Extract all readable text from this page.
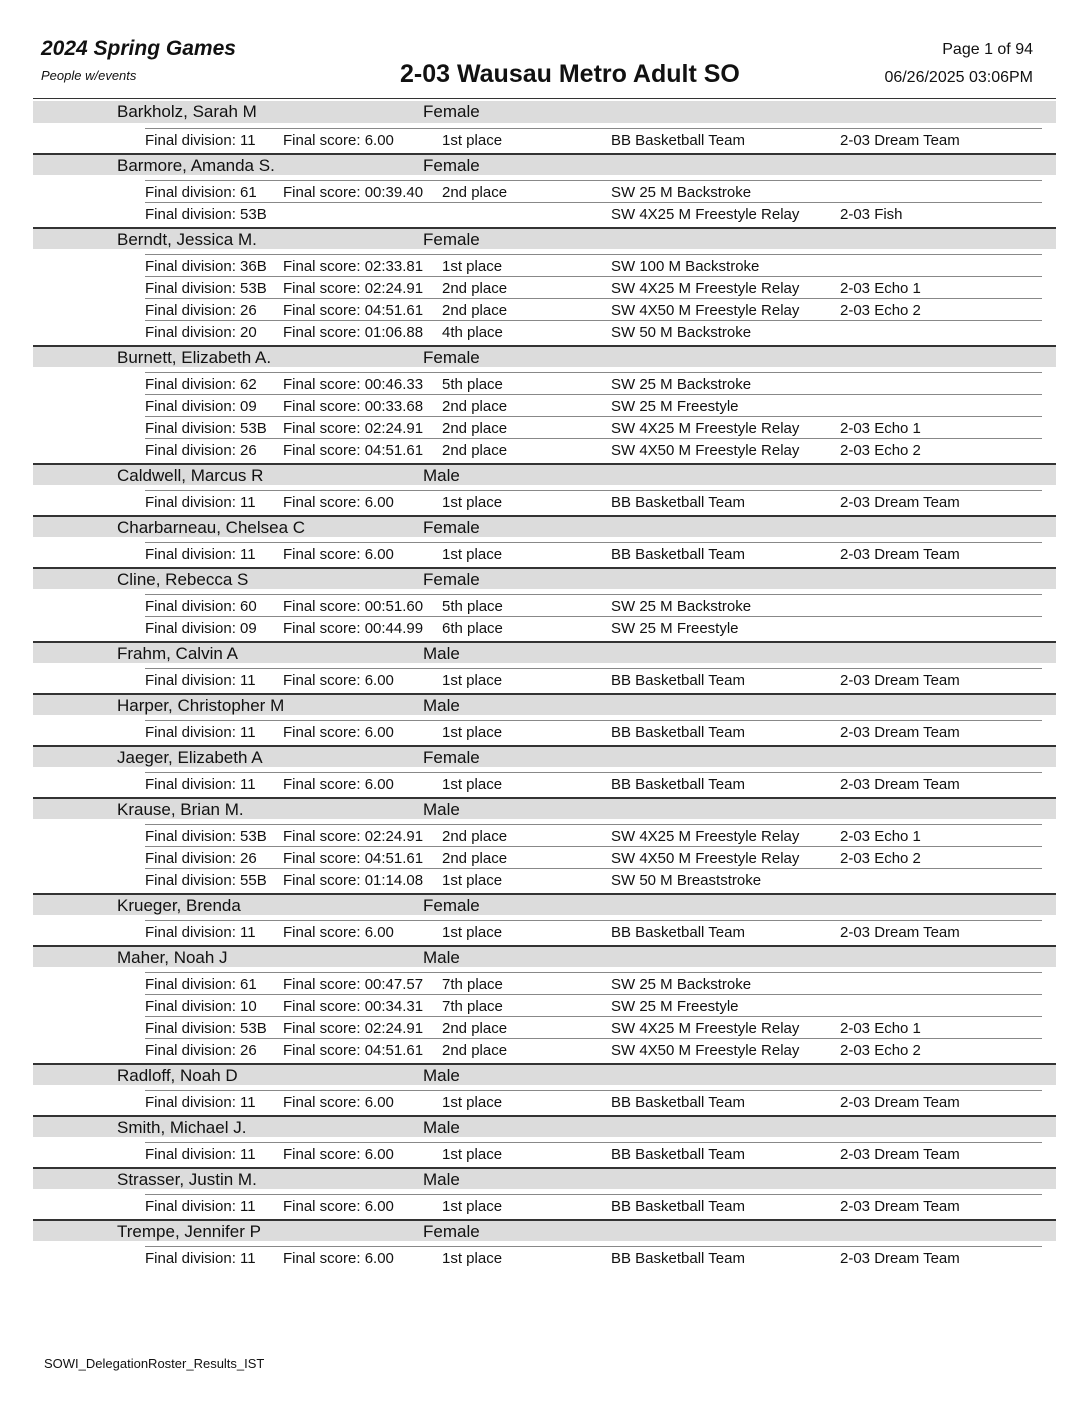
2024 Spring Games
People w/events	2-03 Wausau Metro Adult SO
Page 1 of 94
06/26/2025 03:06PM
Barkholz, Sarah M	Female
Final division: 11 Final score: 6.00	1st place	BB Basketball Team	2-03 Dream Team
Barmore, Amanda S.	Female
Final division: 61 Final score: 00:39.40 2nd place	SW 25 M Backstroke
Final division: 53B	SW 4X25 M Freestyle Relay	2-03 Fish
Berndt, Jessica M.	Female
Final division: 36B Final score: 02:33.81 1st place	SW 100 M Backstroke
Final division: 53B Final score: 02:24.91 2nd place	SW 4X25 M Freestyle Relay	2-03 Echo 1
Final division: 26 Final score: 04:51.61 2nd place	SW 4X50 M Freestyle Relay	2-03 Echo 2
Final division: 20 Final score: 01:06.88 4th place	SW 50 M Backstroke
Burnett, Elizabeth A.	Female
Final division: 62 Final score: 00:46.33 5th place	SW 25 M Backstroke
Final division: 09 Final score: 00:33.68 2nd place	SW 25 M Freestyle
Final division: 53B Final score: 02:24.91 2nd place	SW 4X25 M Freestyle Relay	2-03 Echo 1
Final division: 26 Final score: 04:51.61 2nd place	SW 4X50 M Freestyle Relay	2-03 Echo 2
Caldwell, Marcus R	Male
Final division: 11 Final score: 6.00	1st place	BB Basketball Team	2-03 Dream Team
Charbarneau, Chelsea C	Female
Final division: 11 Final score: 6.00	1st place	BB Basketball Team	2-03 Dream Team
Cline, Rebecca S	Female
Final division: 60 Final score: 00:51.60 5th place	SW 25 M Backstroke
Final division: 09 Final score: 00:44.99 6th place	SW 25 M Freestyle
Frahm, Calvin A	Male
Final division: 11 Final score: 6.00	1st place	BB Basketball Team	2-03 Dream Team
Harper, Christopher M	Male
Final division: 11 Final score: 6.00	1st place	BB Basketball Team	2-03 Dream Team
Jaeger, Elizabeth A	Female
Final division: 11 Final score: 6.00	1st place	BB Basketball Team	2-03 Dream Team
Krause, Brian M.	Male
Final division: 53B Final score: 02:24.91 2nd place	SW 4X25 M Freestyle Relay	2-03 Echo 1
Final division: 26 Final score: 04:51.61 2nd place	SW 4X50 M Freestyle Relay	2-03 Echo 2
Final division: 55B Final score: 01:14.08 1st place	SW 50 M Breaststroke
Krueger, Brenda	Female
Final division: 11 Final score: 6.00	1st place	BB Basketball Team	2-03 Dream Team
Maher, Noah J	Male
Final division: 61 Final score: 00:47.57 7th place	SW 25 M Backstroke
Final division: 10 Final score: 00:34.31 7th place	SW 25 M Freestyle
Final division: 53B Final score: 02:24.91 2nd place	SW 4X25 M Freestyle Relay	2-03 Echo 1
Final division: 26 Final score: 04:51.61 2nd place	SW 4X50 M Freestyle Relay	2-03 Echo 2
Radloff, Noah D	Male
Final division: 11 Final score: 6.00	1st place	BB Basketball Team	2-03 Dream Team
Smith, Michael J.	Male
Final division: 11 Final score: 6.00	1st place	BB Basketball Team	2-03 Dream Team
Strasser, Justin M.	Male
Final division: 11 Final score: 6.00	1st place	BB Basketball Team	2-03 Dream Team
Trempe, Jennifer P	Female
Final division: 11 Final score: 6.00	1st place	BB Basketball Team	2-03 Dream Team
SOWI_DelegationRoster_Results_IST
